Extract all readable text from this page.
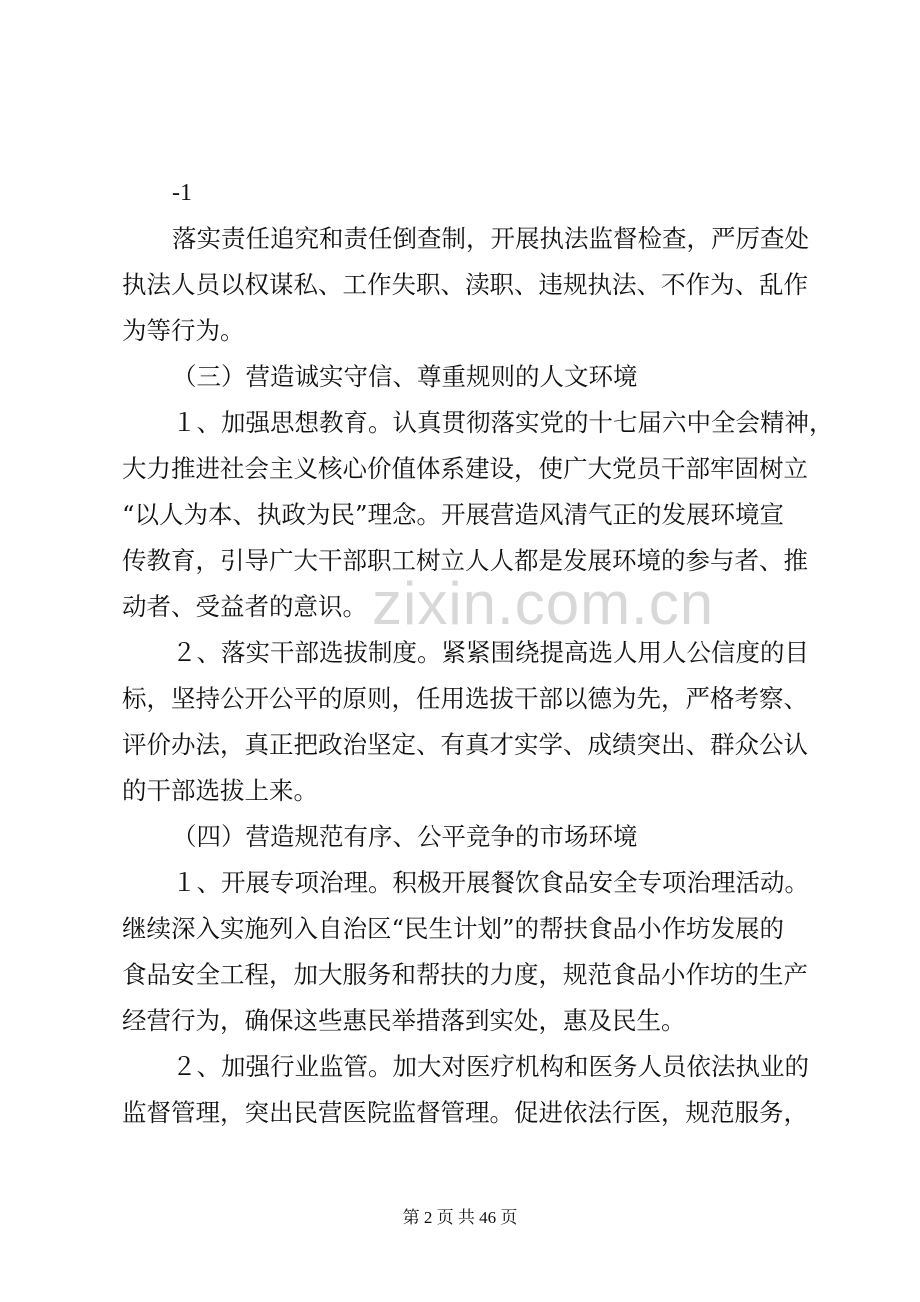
-1
落实责任追究和责任倒查制，开展执法监督检查，严厉查处
执法人员以权谋私、工作失职、渎职、违规执法、不作为、乱作
为等行为。
（三）营造诚实守信、尊重规则的人文环境
１、加强思想教育。认真贯彻落实党的十七届六中全会精神，
大力推进社会主义核心价值体系建设，使广大党员干部牢固树立
“以人为本、执政为民”理念。开展营造风清气正的发展环境宣
传教育，引导广大干部职工树立人人都是发展环境的参与者、推
动者、受益者的意识。
２、落实干部选拔制度。紧紧围绕提高选人用人公信度的目
标，坚持公开公平的原则，任用选拔干部以德为先，严格考察、
评价办法，真正把政治坚定、有真才实学、成绩突出、群众公认
的干部选拔上来。
（四）营造规范有序、公平竞争的市场环境
１、开展专项治理。积极开展餐饮食品安全专项治理活动。
继续深入实施列入自治区“民生计划”的帮扶食品小作坊发展的
食品安全工程，加大服务和帮扶的力度，规范食品小作坊的生产
经营行为，确保这些惠民举措落到实处，惠及民生。
２、加强行业监管。加大对医疗机构和医务人员依法执业的
监督管理，突出民营医院监督管理。促进依法行医，规范服务，
zixin.com.cn
第 2 页 共 46 页
